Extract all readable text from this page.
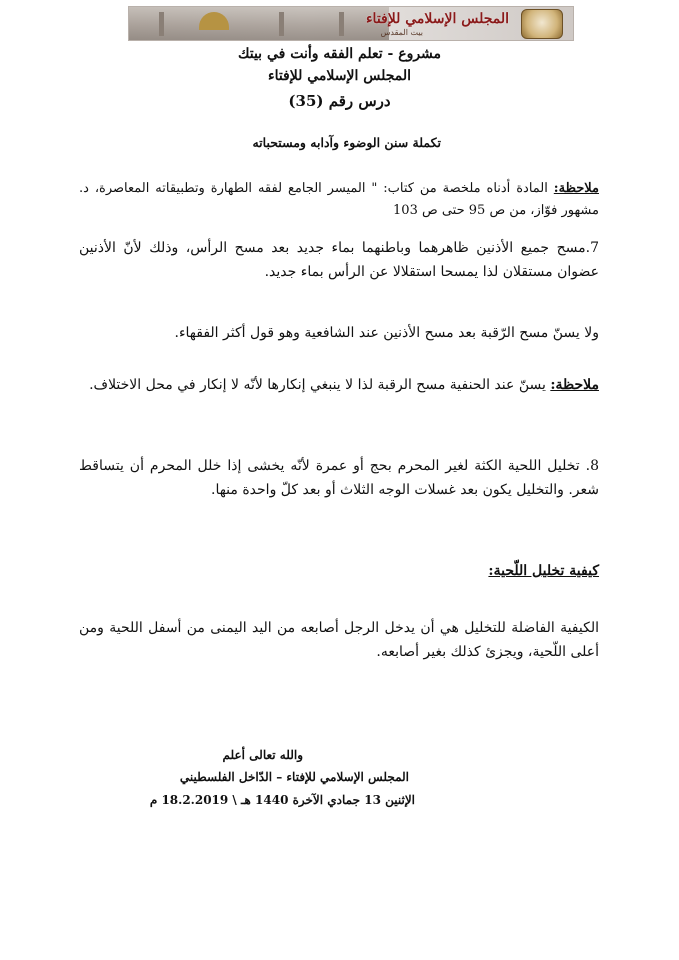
المجلس الإسلامي للإفتاء
بيت المقدس
مشروع - تعلم الفقه وأنت في بيتك
المجلس الإسلامي للإفتاء
درس رقم (35)
تكملة سنن الوضوء وآدابه ومستحباته
ملاحظة: المادة أدناه ملخصة من كتاب: " الميسر الجامع لفقه الطهارة وتطبيقاته المعاصرة، د. مشهور فوّاز، من ص 95 حتى ص 103
7.مسح جميع الأذنين ظاهرهما وباطنهما بماء جديد بعد مسح الرأس، وذلك لأنّ الأذنين عضوان مستقلان لذا يمسحا استقلالا عن الرأس بماء جديد.
ولا يسنّ مسح الرّقبة بعد مسح الأذنين عند الشافعية وهو قول أكثر الفقهاء.
ملاحظة: يسنّ عند الحنفية مسح الرقبة لذا لا ينبغي إنكارها لأنّه لا إنكار في محل الاختلاف.
8. تخليل اللحية الكثة لغير المحرم بحج أو عمرة لأنّه يخشى إذا خلل المحرم أن يتساقط شعر. والتخليل يكون بعد غسلات الوجه الثلاث أو بعد كلّ واحدة منها.
كيفية تخليل اللّحية:
الكيفية الفاضلة للتخليل هي أن يدخل الرجل أصابعه من اليد اليمنى من أسفل اللحية ومن أعلى اللّحية، ويجزئ كذلك بغير أصابعه.
والله تعالى أعلم
المجلس الإسلامي للإفتاء – الدّاخل الفلسطيني
الإثنين 13 جمادي الآخرة 1440 هـ \ 18.2.2019 م
